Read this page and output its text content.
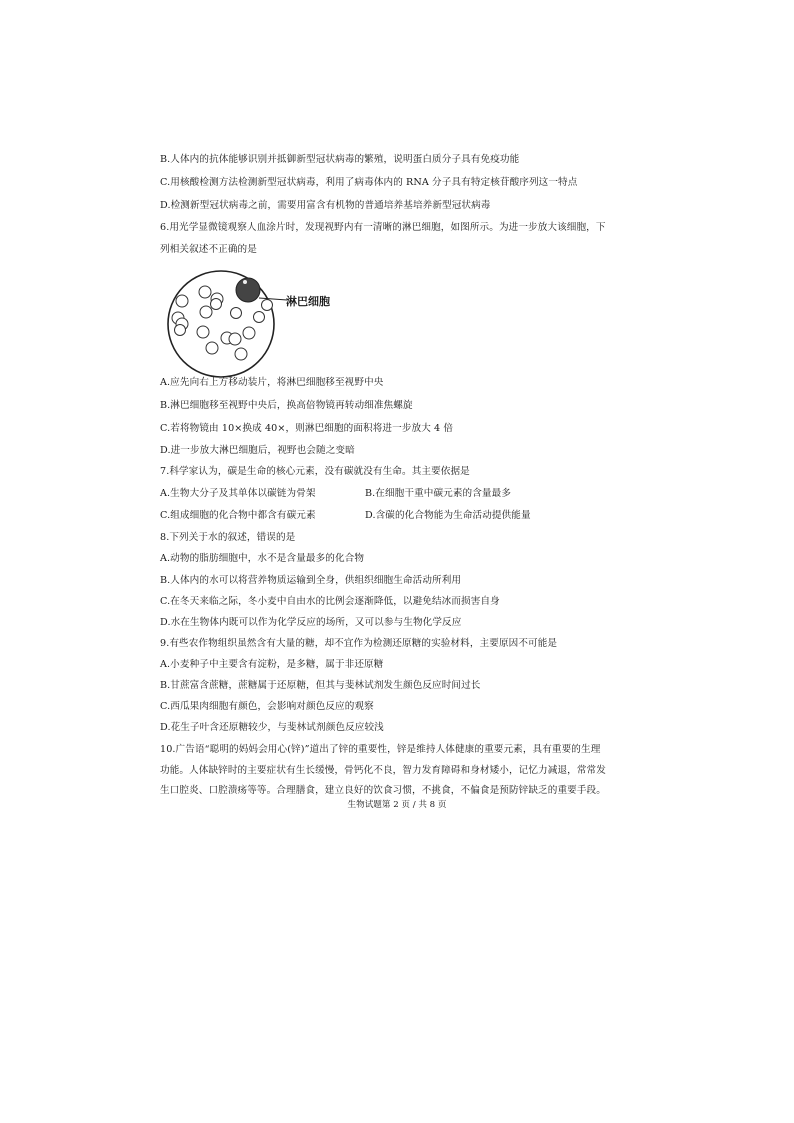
B.人体内的抗体能够识别并抵御新型冠状病毒的繁殖，说明蛋白质分子具有免疫功能
C.用核酸检测方法检测新型冠状病毒，利用了病毒体内的 RNA 分子具有特定核苷酸序列这一特点
D.检测新型冠状病毒之前，需要用富含有机物的普通培养基培养新型冠状病毒
6.用光学显微镜观察人血涂片时，发现视野内有一清晰的淋巴细胞，如图所示。为进一步放大该细胞，下
列相关叙述不正确的是
淋巴细胞
A.应先向右上方移动装片，将淋巴细胞移至视野中央
B.淋巴细胞移至视野中央后，换高倍物镜再转动细准焦螺旋
C.若将物镜由 10×换成 40×，则淋巴细胞的面积将进一步放大 4 倍
D.进一步放大淋巴细胞后，视野也会随之变暗
7.科学家认为，碳是生命的核心元素，没有碳就没有生命。其主要依据是
A.生物大分子及其单体以碳链为骨架	B.在细胞干重中碳元素的含量最多
C.组成细胞的化合物中都含有碳元素	D.含碳的化合物能为生命活动提供能量
8.下列关于水的叙述，错误的是
A.动物的脂肪细胞中，水不是含量最多的化合物
B.人体内的水可以将营养物质运输到全身，供组织细胞生命活动所利用
C.在冬天来临之际，冬小麦中自由水的比例会逐渐降低，以避免结冰而损害自身
D.水在生物体内既可以作为化学反应的场所，又可以参与生物化学反应
9.有些农作物组织虽然含有大量的糖，却不宜作为检测还原糖的实验材料，主要原因不可能是
A.小麦种子中主要含有淀粉，是多糖，属于非还原糖
B.甘蔗富含蔗糖，蔗糖属于还原糖，但其与斐林试剂发生颜色反应时间过长
C.西瓜果肉细胞有颜色，会影响对颜色反应的观察
D.花生子叶含还原糖较少，与斐林试剂颜色反应较浅
10.广告语“聪明的妈妈会用心(锌)”道出了锌的重要性，锌是维持人体健康的重要元素，具有重要的生理
功能。人体缺锌时的主要症状有生长缓慢，骨钙化不良，智力发育障碍和身材矮小，记忆力减退，常常发
生口腔炎、口腔溃疡等等。合理膳食，建立良好的饮食习惯，不挑食，不偏食是预防锌缺乏的重要手段。
生物试题第 2 页 / 共 8 页
